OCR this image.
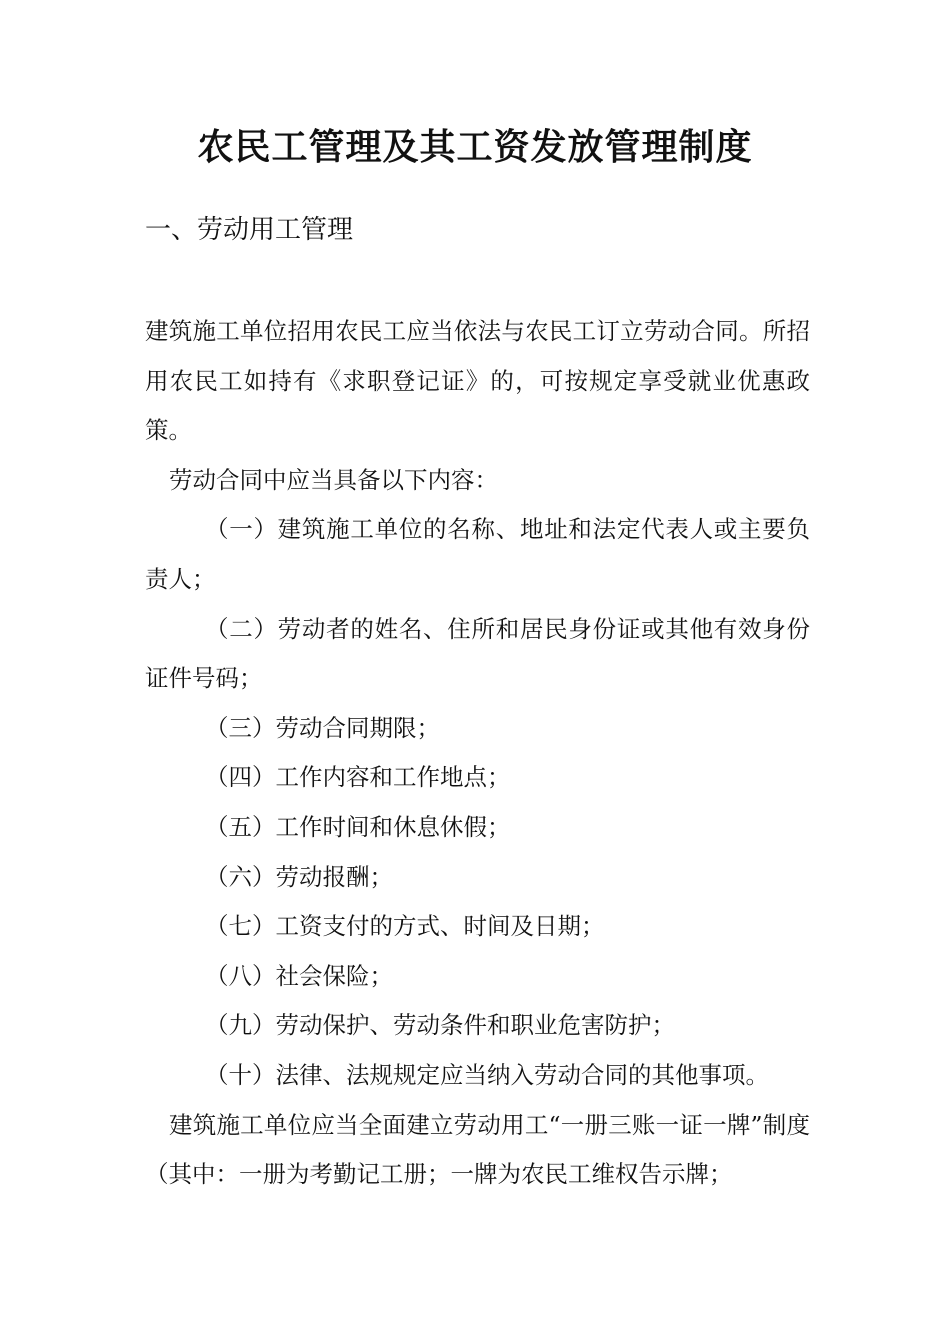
农民工管理及其工资发放管理制度
一、劳动用工管理

建筑施工单位招用农民工应当依法与农民工订立劳动合同。所招用农民工如持有《求职登记证》的，可按规定享受就业优惠政策。

劳动合同中应当具备以下内容：

（一）建筑施工单位的名称、地址和法定代表人或主要负责人；

（二）劳动者的姓名、住所和居民身份证或其他有效身份证件号码；

（三）劳动合同期限；

（四）工作内容和工作地点；

（五）工作时间和休息休假；

（六）劳动报酬；

（七）工资支付的方式、时间及日期；

（八）社会保险；

（九）劳动保护、劳动条件和职业危害防护；

（十）法律、法规规定应当纳入劳动合同的其他事项。

建筑施工单位应当全面建立劳动用工“一册三账一证一牌”制度（其中：一册为考勤记工册；一牌为农民工维权告示牌；
